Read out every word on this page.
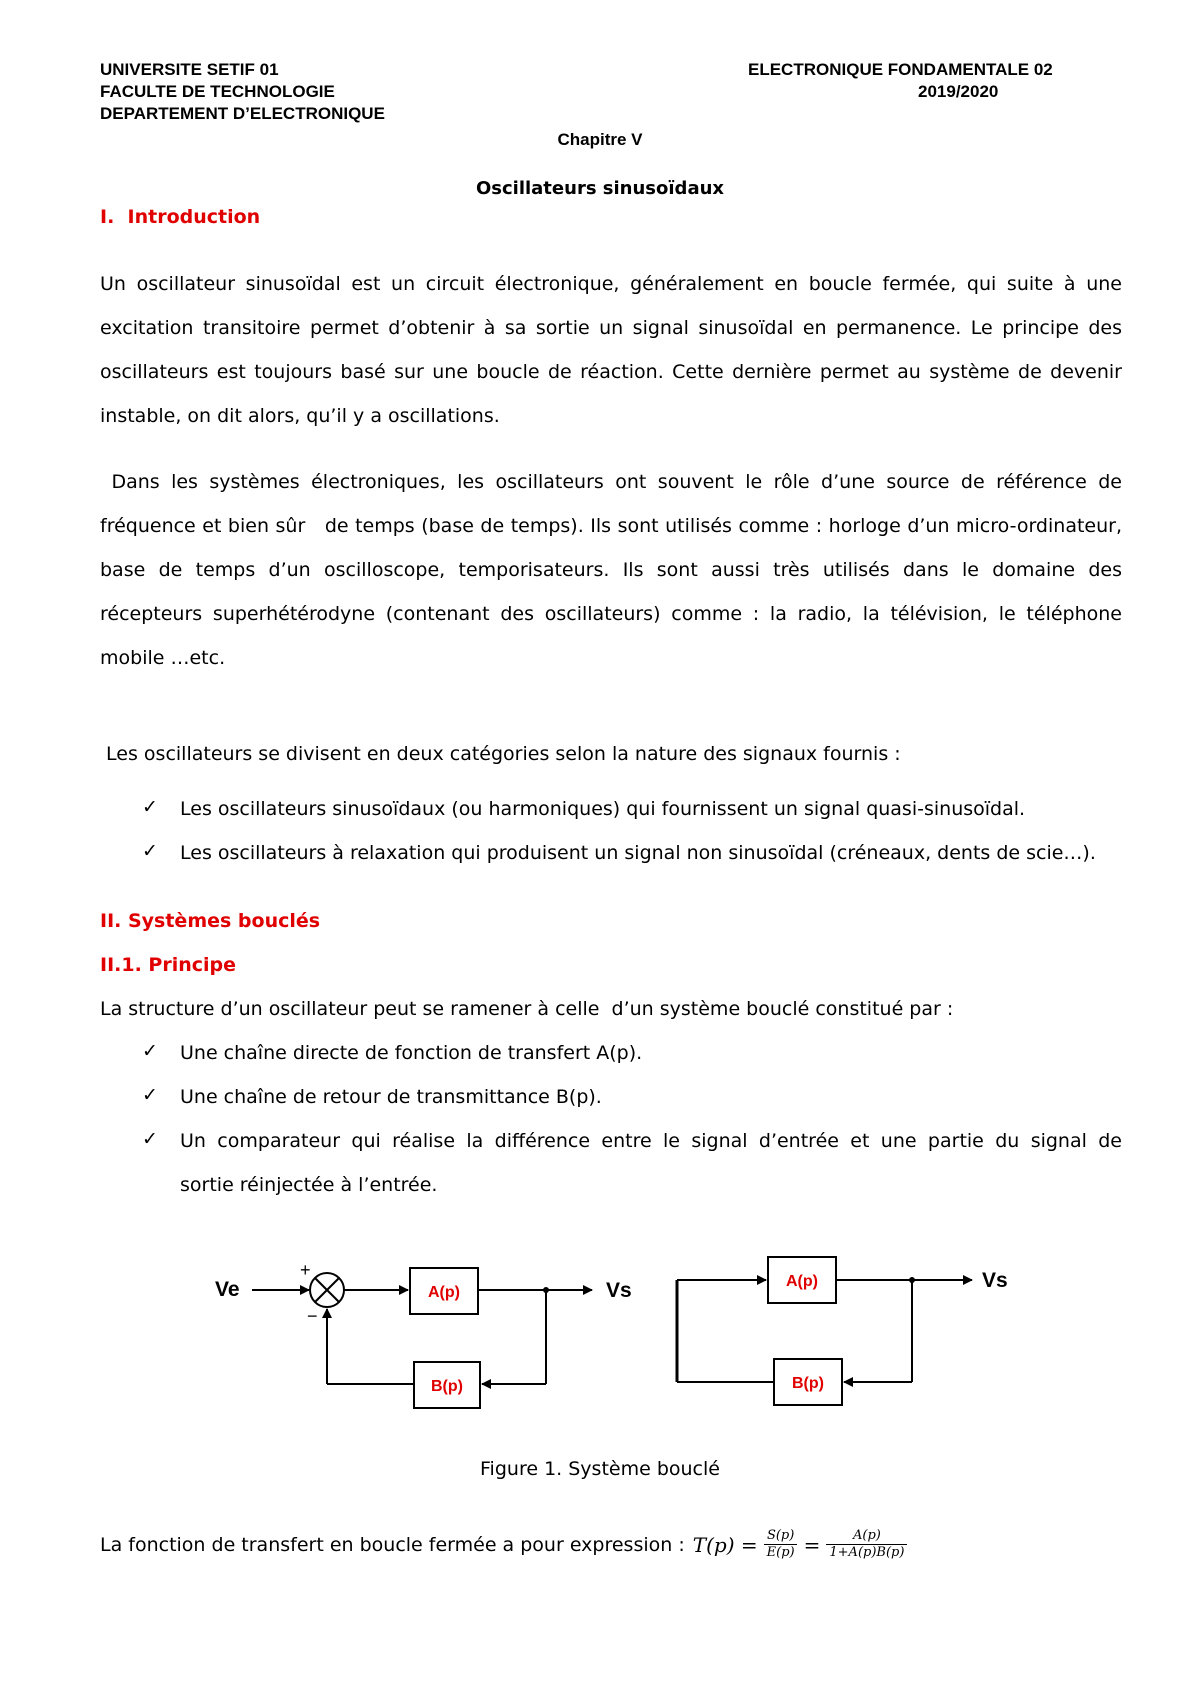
UNIVERSITE SETIF 01
FACULTE DE TECHNOLOGIE
DEPARTEMENT D’ELECTRONIQUE
ELECTRONIQUE FONDAMENTALE 02
2019/2020
Chapitre V
Oscillateurs sinusoïdaux
I.  Introduction
Un oscillateur sinusoïdal est un circuit électronique, généralement en boucle fermée, qui suite à une excitation transitoire permet d’obtenir à sa sortie un signal sinusoïdal en permanence. Le principe des oscillateurs est toujours basé sur une boucle de réaction. Cette dernière permet au système de devenir instable, on dit alors, qu’il y a oscillations.
Dans les systèmes électroniques, les oscillateurs ont souvent le rôle d’une source de référence de fréquence et bien sûr   de temps (base de temps). Ils sont utilisés comme : horloge d’un micro-ordinateur, base de temps d’un oscilloscope, temporisateurs. Ils sont aussi très utilisés dans le domaine des  récepteurs superhétérodyne (contenant des oscillateurs) comme : la radio, la télévision, le téléphone mobile …etc.
Les oscillateurs se divisent en deux catégories selon la nature des signaux fournis :
✓ Les oscillateurs sinusoïdaux (ou harmoniques) qui fournissent un signal quasi-sinusoïdal.
✓ Les oscillateurs à relaxation qui produisent un signal non sinusoïdal (créneaux, dents de scie…).
II. Systèmes bouclés
II.1. Principe
La structure d’un oscillateur peut se ramener à celle  d’un système bouclé constitué par :
✓ Une chaîne directe de fonction de transfert A(p).
✓ Une chaîne de retour de transmittance B(p).
✓ Un comparateur qui réalise la différence entre le signal d’entrée et une partie du signal de
sortie réinjectée à l’entrée.
Ve
+
−
A(p)	Vs
B(p)
A(p)	Vs
B(p)
Figure 1. Système bouclé
La fonction de transfert en boucle fermée a pour expression : $T(p) = \frac{S(p)}{E(p)} = \frac{A(p)}{1+A(p)B(p)}$
